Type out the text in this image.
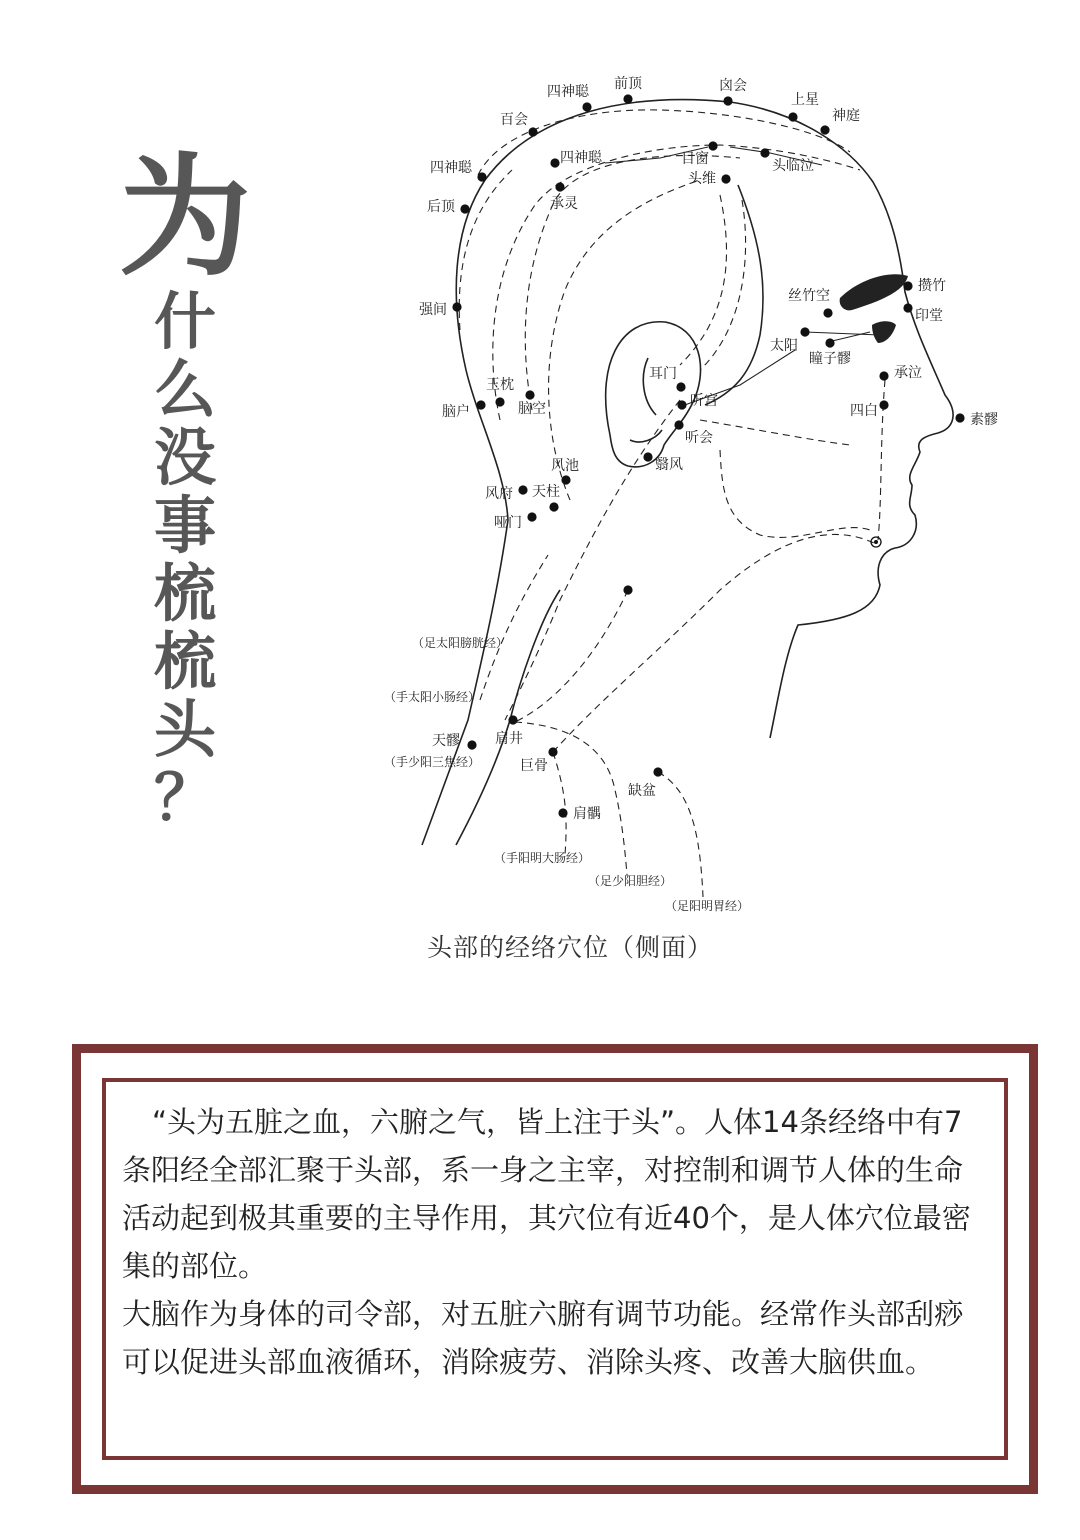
为
什
么
没
事
梳
梳
头
？
四神聪 前顶	囟会
上星
神庭
百会
四神聪
四神聪	目窗	头临泣
头维
承灵
后顶
强间
丝竹空
攒竹
印堂
太阳
瞳子髎
承泣
四白
素髎
耳门
听宫
听会
玉枕
脑空
脑户
风池	翳风
风府 天柱
哑门
天髎	肩井
巨骨
缺盆
肩髃
（足太阳膀胱经）
（手太阳小肠经）
（手少阳三焦经）
（手阳明大肠经）
（足少阳胆经）
（足阳明胃经）
头部的经络穴位（侧面）

“头为五脏之血，六腑之气，皆上注于头”。人体14条经络中有7条阳经全部汇聚于头部，系一身之主宰，对控制和调节人体的生命活动起到极其重要的主导作用，其穴位有近40个，是人体穴位最密集的部位。

大脑作为身体的司令部，对五脏六腑有调节功能。经常作头部刮痧可以促进头部血液循环，消除疲劳、消除头疼、改善大脑供血。
